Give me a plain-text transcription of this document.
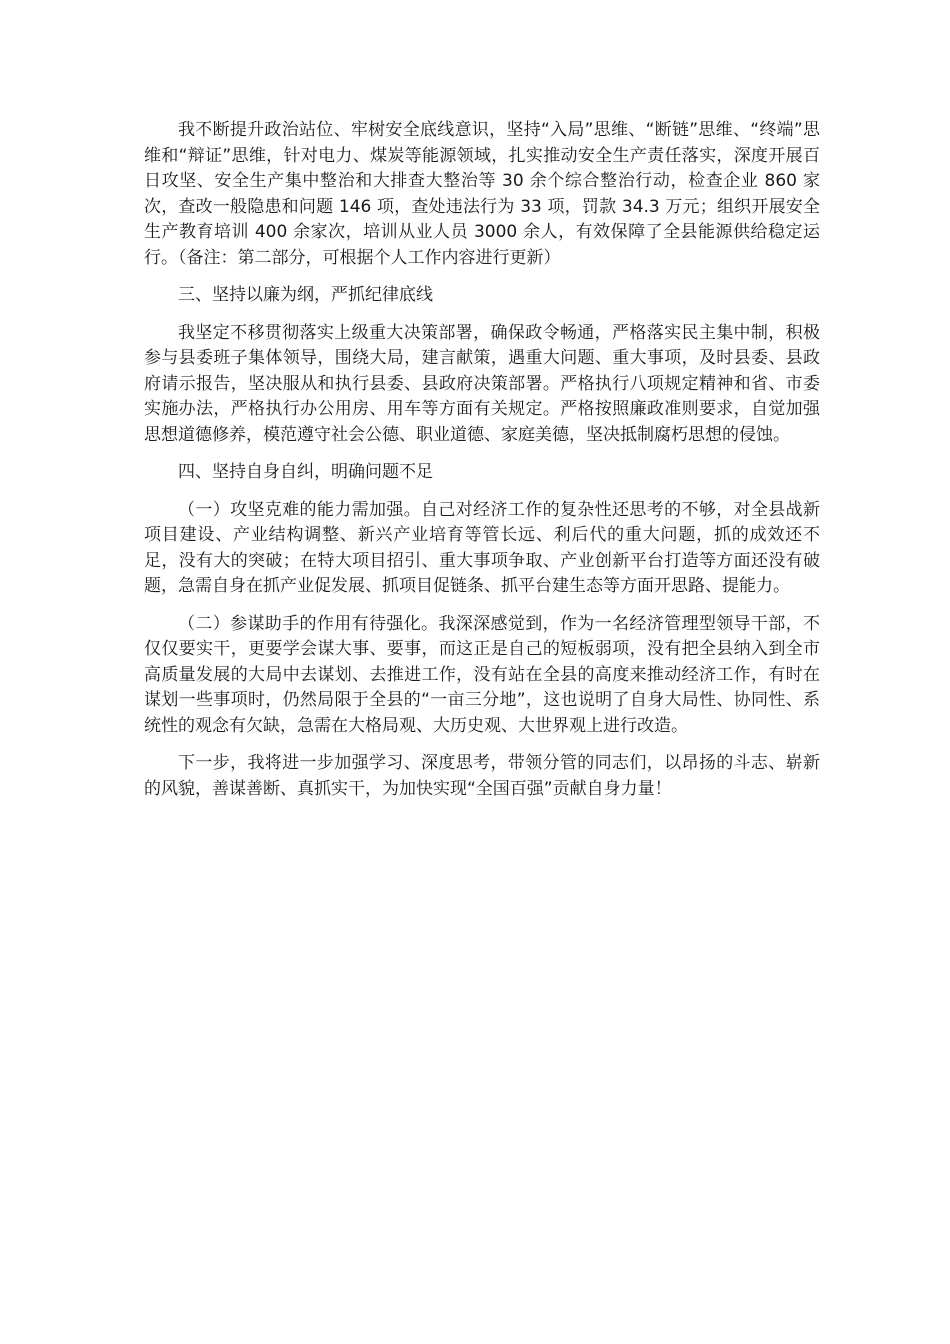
我不断提升政治站位、牢树安全底线意识，坚持“入局”思维、“断链”思维、“终端”思维和“辩证”思维，针对电力、煤炭等能源领域，扎实推动安全生产责任落实，深度开展百日攻坚、安全生产集中整治和大排查大整治等 30 余个综合整治行动，检查企业 860 家次，查改一般隐患和问题 146 项，查处违法行为 33 项，罚款 34.3 万元；组织开展安全生产教育培训 400 余家次，培训从业人员 3000 余人，有效保障了全县能源供给稳定运行。（备注：第二部分，可根据个人工作内容进行更新）

三、坚持以廉为纲，严抓纪律底线

我坚定不移贯彻落实上级重大决策部署，确保政令畅通，严格落实民主集中制，积极参与县委班子集体领导，围绕大局，建言献策，遇重大问题、重大事项，及时县委、县政府请示报告，坚决服从和执行县委、县政府决策部署。严格执行八项规定精神和省、市委实施办法，严格执行办公用房、用车等方面有关规定。严格按照廉政准则要求，自觉加强思想道德修养，模范遵守社会公德、职业道德、家庭美德，坚决抵制腐朽思想的侵蚀。

四、坚持自身自纠，明确问题不足

（一）攻坚克难的能力需加强。自己对经济工作的复杂性还思考的不够，对全县战新项目建设、产业结构调整、新兴产业培育等管长远、利后代的重大问题，抓的成效还不足，没有大的突破；在特大项目招引、重大事项争取、产业创新平台打造等方面还没有破题，急需自身在抓产业促发展、抓项目促链条、抓平台建生态等方面开思路、提能力。

（二）参谋助手的作用有待强化。我深深感觉到，作为一名经济管理型领导干部，不仅仅要实干，更要学会谋大事、要事，而这正是自己的短板弱项，没有把全县纳入到全市高质量发展的大局中去谋划、去推进工作，没有站在全县的高度来推动经济工作，有时在谋划一些事项时，仍然局限于全县的“一亩三分地”，这也说明了自身大局性、协同性、系统性的观念有欠缺，急需在大格局观、大历史观、大世界观上进行改造。

下一步，我将进一步加强学习、深度思考，带领分管的同志们，以昂扬的斗志、崭新的风貌，善谋善断、真抓实干，为加快实现“全国百强”贡献自身力量！
